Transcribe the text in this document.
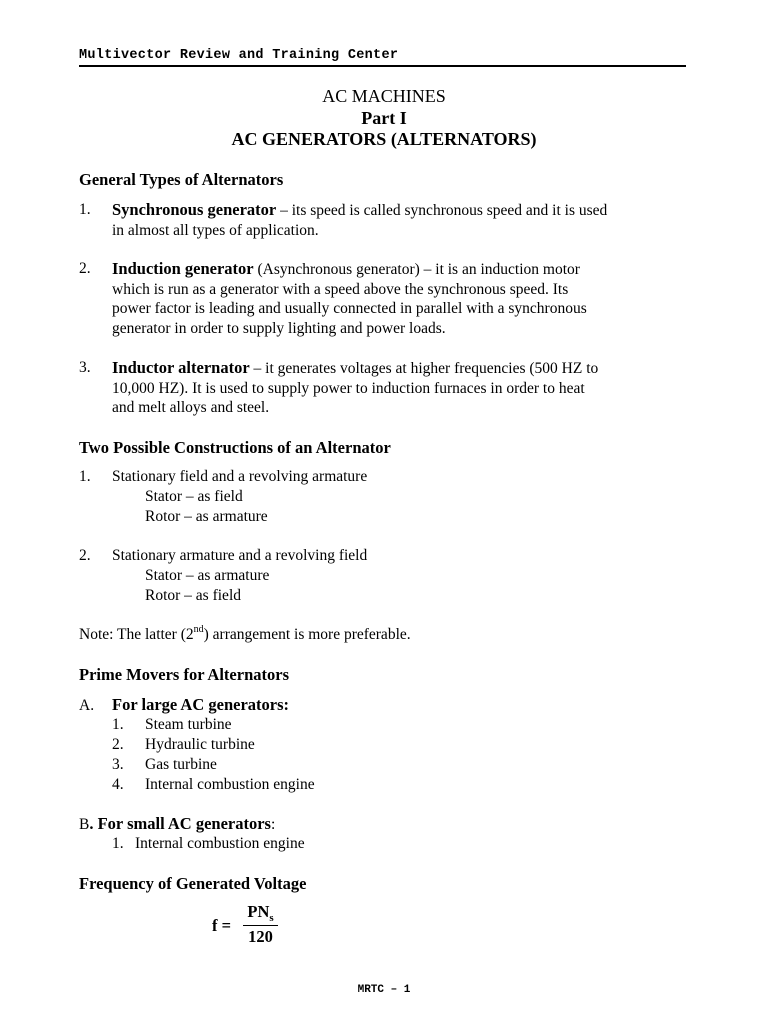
Multivector Review and Training Center
AC MACHINES
Part I
AC GENERATORS (ALTERNATORS)
General Types of Alternators
1. Synchronous generator – its speed is called synchronous speed and it is used
in almost all types of application.
2. Induction generator (Asynchronous generator) – it is an induction motor
which is run as a generator with a speed above the synchronous speed. Its
power factor is leading and usually connected in parallel with a synchronous
generator in order to supply lighting and power loads.
3. Inductor alternator – it generates voltages at higher frequencies (500 HZ to
10,000 HZ). It is used to supply power to induction furnaces in order to heat
and melt alloys and steel.
Two Possible Constructions of an Alternator
1. Stationary field and a revolving armature
Stator – as field
Rotor – as armature
2. Stationary armature and a revolving field
Stator – as armature
Rotor – as field
Note: The latter (2nd) arrangement is more preferable.
Prime Movers for Alternators
A. For large AC generators:
1. Steam turbine
2. Hydraulic turbine
3. Gas turbine
4. Internal combustion engine
B. For small AC generators:
1. Internal combustion engine
Frequency of Generated Voltage
f =
$PN_s$
120
MRTC – 1
